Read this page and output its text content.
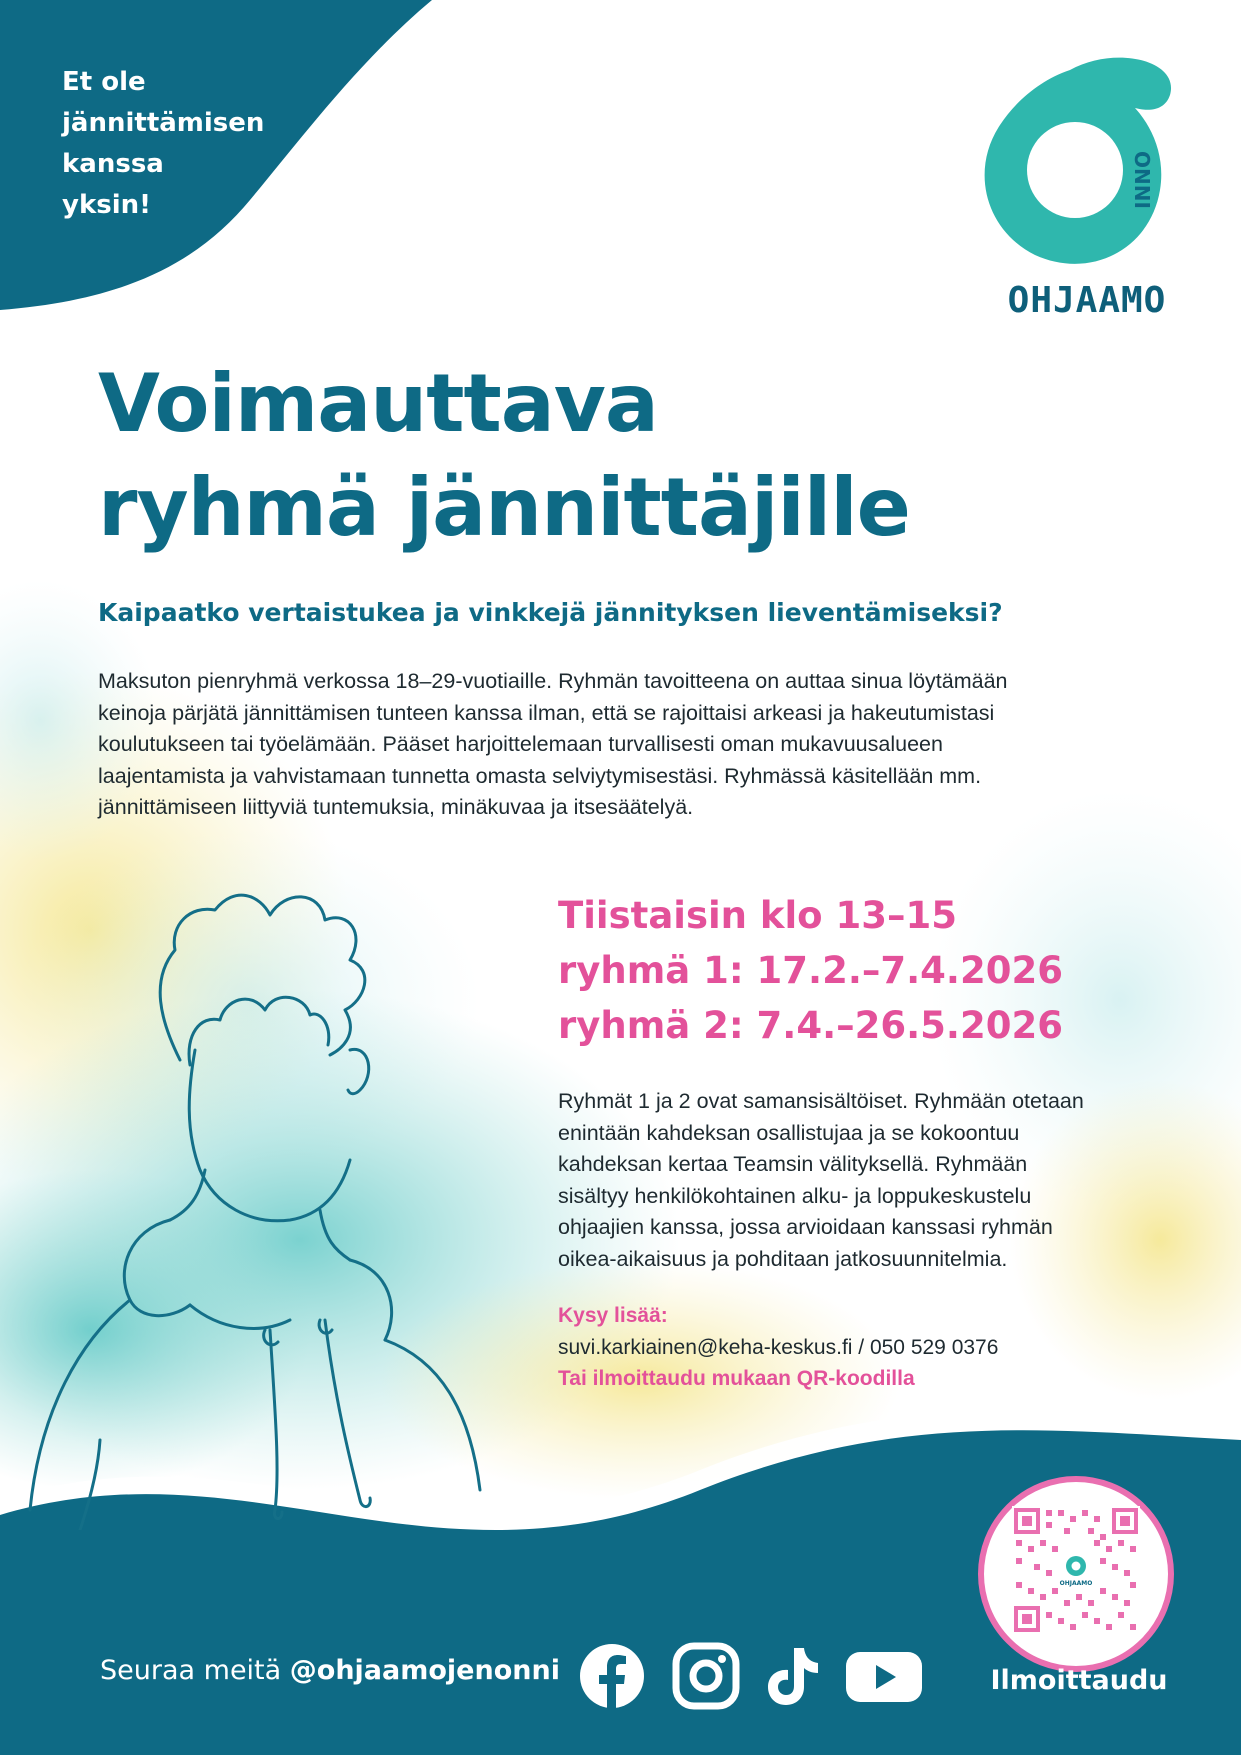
Et ole
jännittämisen
kanssa
yksin!	ONNI
OHJAAMO
Voimauttava
ryhmä jännittäjille
Kaipaatko vertaistukea ja vinkkejä jännityksen lieventämiseksi?
Maksuton pienryhmä verkossa 18–29-vuotiaille. Ryhmän tavoitteena on auttaa sinua löytämään
keinoja pärjätä jännittämisen tunteen kanssa ilman, että se rajoittaisi arkeasi ja hakeutumistasi
koulutukseen tai työelämään. Pääset harjoittelemaan turvallisesti oman mukavuusalueen
laajentamista ja vahvistamaan tunnetta omasta selviytymisestäsi. Ryhmässä käsitellään mm.
jännittämiseen liittyviä tuntemuksia, minäkuvaa ja itsesäätelyä.
Tiistaisin klo 13–15
ryhmä 1: 17.2.–7.4.2026
ryhmä 2: 7.4.–26.5.2026
Ryhmät 1 ja 2 ovat samansisältöiset. Ryhmään otetaan
enintään kahdeksan osallistujaa ja se kokoontuu
kahdeksan kertaa Teamsin välityksellä. Ryhmään
sisältyy henkilökohtainen alku- ja loppukeskustelu
ohjaajien kanssa, jossa arvioidaan kanssasi ryhmän
oikea-aikaisuus ja pohditaan jatkosuunnitelmia.
Kysy lisää:
suvi.karkiainen@keha-keskus.fi / 050 529 0376
Tai ilmoittaudu mukaan QR-koodilla
Seuraa meitä @ohjaamojenonni
OHJAAMO
Ilmoittaudu
